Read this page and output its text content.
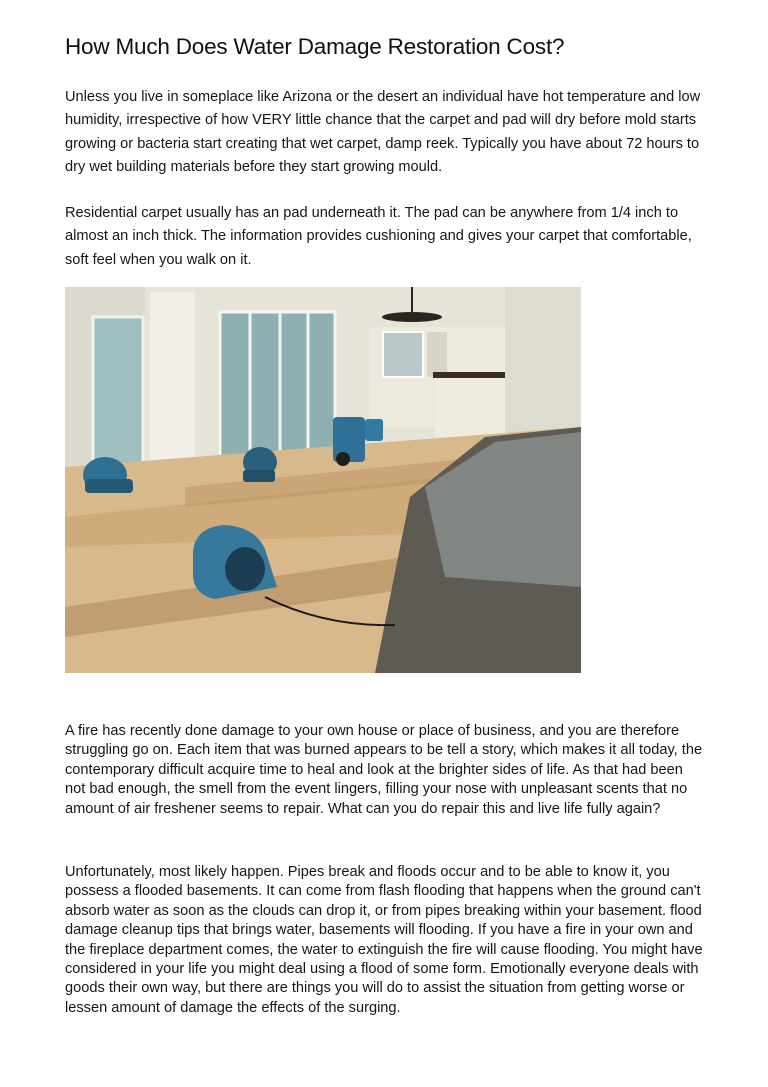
How Much Does Water Damage Restoration Cost?

Unless you live in someplace like Arizona or the desert an individual have hot temperature and low humidity, irrespective of how VERY little chance that the carpet and pad will dry before mold starts growing or bacteria start creating that wet carpet, damp reek. Typically you have about 72 hours to dry wet building materials before they start growing mould.

Residential carpet usually has an pad underneath it. The pad can be anywhere from 1/4 inch to almost an inch thick. The information provides cushioning and gives your carpet that comfortable, soft feel when you walk on it.

A fire has recently done damage to your own house or place of business, and you are therefore struggling go on. Each item that was burned appears to be tell a story, which makes it all today, the contemporary difficult acquire time to heal and look at the brighter sides of life. As that had been not bad enough, the smell from the event lingers, filling your nose with unpleasant scents that no amount of air freshener seems to repair. What can you do repair this and live life fully again?

Unfortunately, most likely happen. Pipes break and floods occur and to be able to know it, you possess a flooded basements. It can come from flash flooding that happens when the ground can't absorb water as soon as the clouds can drop it, or from pipes breaking within your basement. flood damage cleanup tips that brings water, basements will flooding. If you have a fire in your own and the fireplace department comes, the water to extinguish the fire will cause flooding. You might have considered in your life you might deal using a flood of some form. Emotionally everyone deals with goods their own way, but there are things you will do to assist the situation from getting worse or lessen amount of damage the effects of the surging.
